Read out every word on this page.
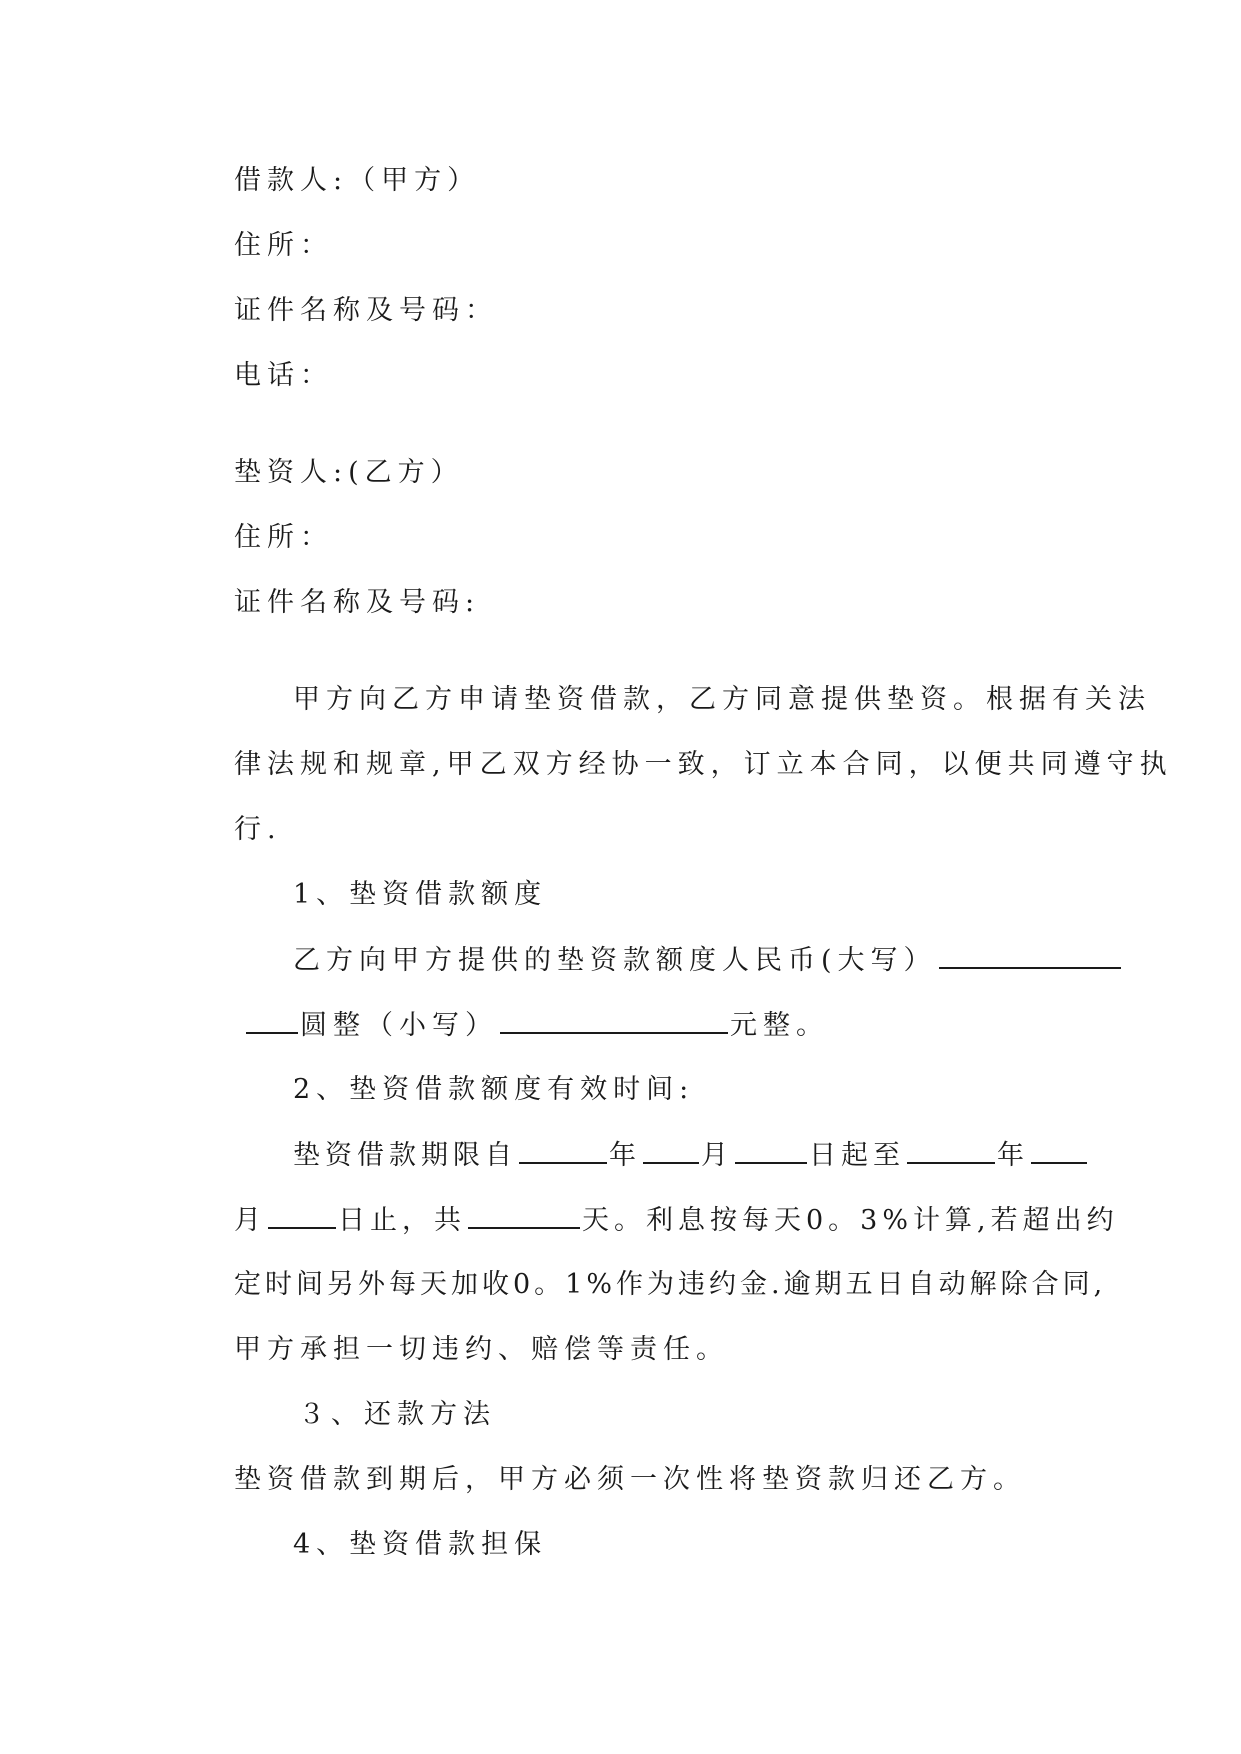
借款人:（甲方）
住所：
证件名称及号码：
电话：
垫资人:(乙方）
住所：
证件名称及号码:
甲方向乙方申请垫资借款，乙方同意提供垫资。根据有关法
律法规和规章,甲乙双方经协一致，订立本合同，以便共同遵守执
行.
1、垫资借款额度
乙方向甲方提供的垫资款额度人民币(大写）
圆整（小写）	元整。
2、垫资借款额度有效时间:
垫资借款期限自	年 月	日起至	年
月	日止，共	天。利息按每天0。3%计算,若超出约
定时间另外每天加收0。1%作为违约金.逾期五日自动解除合同,
甲方承担一切违约、赔偿等责任。
３、还款方法
垫资借款到期后，甲方必须一次性将垫资款归还乙方。
4、垫资借款担保
